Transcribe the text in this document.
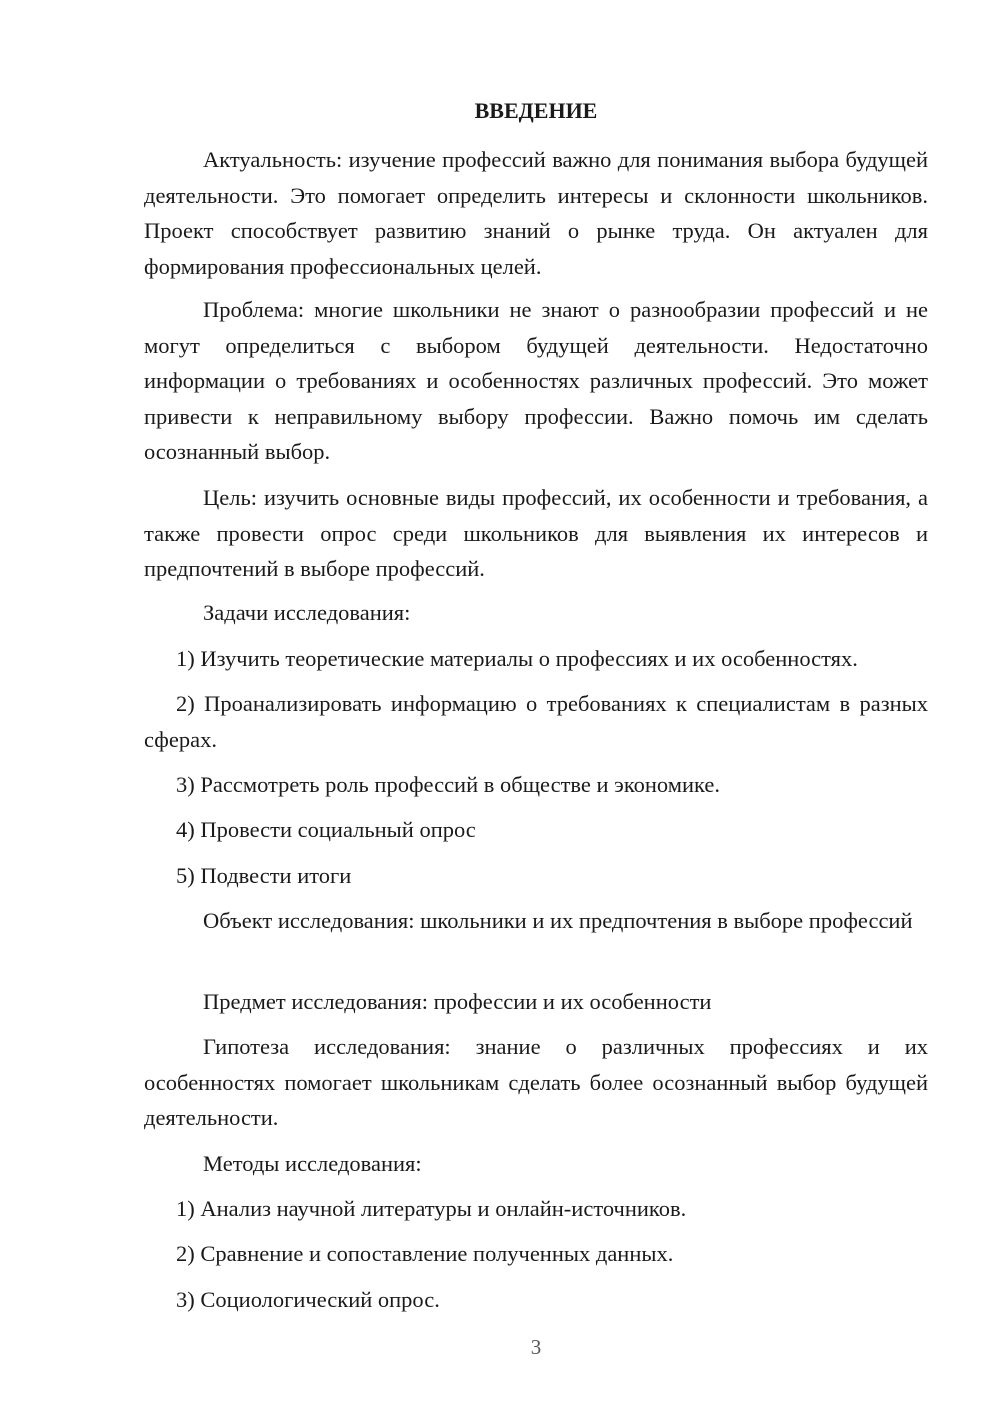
ВВЕДЕНИЕ

Актуальность: изучение профессий важно для понимания выбора будущей деятельности. Это помогает определить интересы и склонности школьников. Проект способствует развитию знаний о рынке труда. Он актуален для формирования профессиональных целей.

Проблема: многие школьники не знают о разнообразии профессий и не могут определиться с выбором будущей деятельности. Недостаточно информации о требованиях и особенностях различных профессий. Это может привести к неправильному выбору профессии. Важно помочь им сделать осознанный выбор.

Цель: изучить основные виды профессий, их особенности и требования, а также провести опрос среди школьников для выявления их интересов и предпочтений в выборе профессий.

Задачи исследования:

1) Изучить теоретические материалы о профессиях и их особенностях.

2) Проанализировать информацию о требованиях к специалистам в разных сферах.

3) Рассмотреть роль профессий в обществе и экономике.

4) Провести социальный опрос

5) Подвести итоги

Объект исследования: школьники и их предпочтения в выборе профессий

Предмет исследования: профессии и их особенности

Гипотеза исследования: знание о различных профессиях и их особенностях помогает школьникам сделать более осознанный выбор будущей деятельности.

Методы исследования:

1) Анализ научной литературы и онлайн-источников.

2) Сравнение и сопоставление полученных данных.

3) Социологический опрос.

3
